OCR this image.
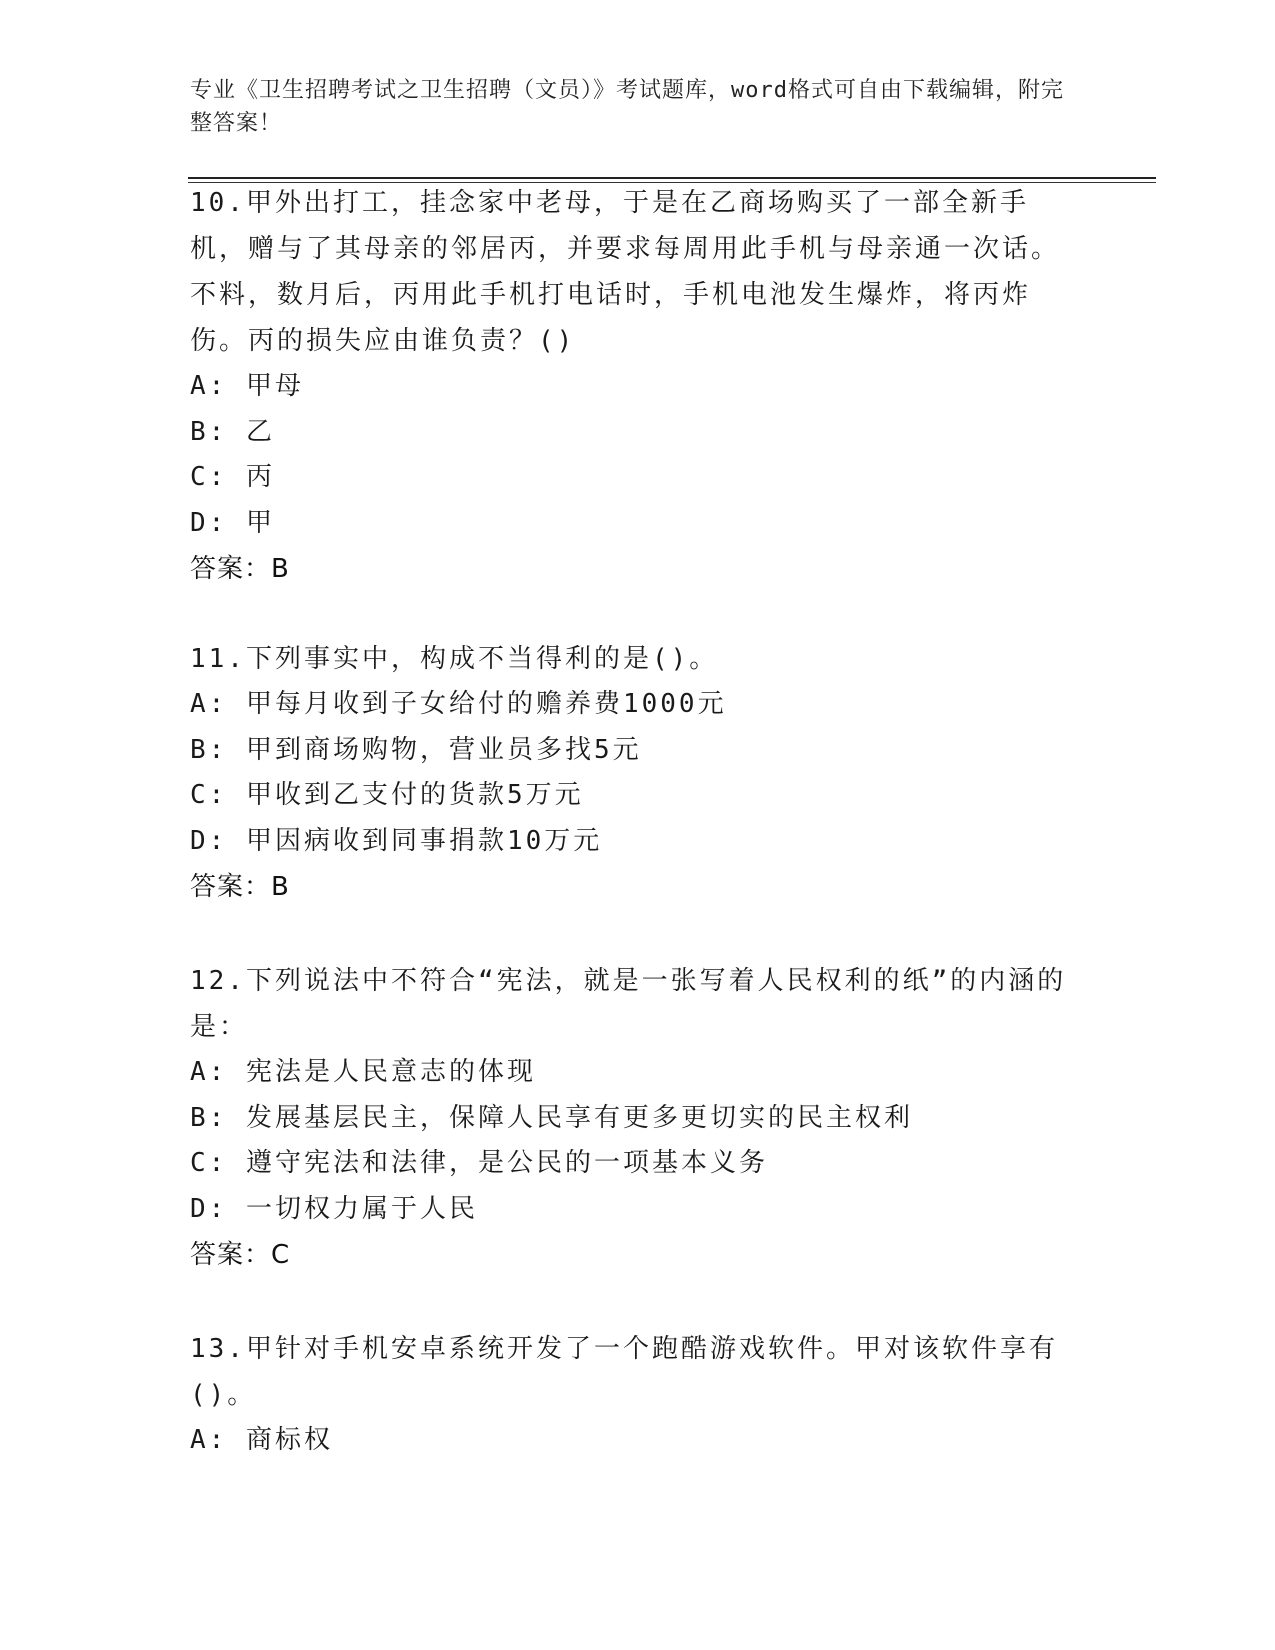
专业《卫生招聘考试之卫生招聘（文员）》考试题库，word格式可自由下载编辑，附完整答案！
10.甲外出打工，挂念家中老母，于是在乙商场购买了一部全新手机，赠与了其母亲的邻居丙，并要求每周用此手机与母亲通一次话。不料，数月后，丙用此手机打电话时，手机电池发生爆炸，将丙炸伤。丙的损失应由谁负责？()
A: 甲母
B: 乙
C: 丙
D: 甲
答案：B
11.下列事实中，构成不当得利的是()。
A: 甲每月收到子女给付的赡养费1000元
B: 甲到商场购物，营业员多找5元
C: 甲收到乙支付的货款5万元
D: 甲因病收到同事捐款10万元
答案：B
12.下列说法中不符合“宪法，就是一张写着人民权利的纸”的内涵的是：
A: 宪法是人民意志的体现
B: 发展基层民主，保障人民享有更多更切实的民主权利
C: 遵守宪法和法律，是公民的一项基本义务
D: 一切权力属于人民
答案：C
13.甲针对手机安卓系统开发了一个跑酷游戏软件。甲对该软件享有()。
A: 商标权
